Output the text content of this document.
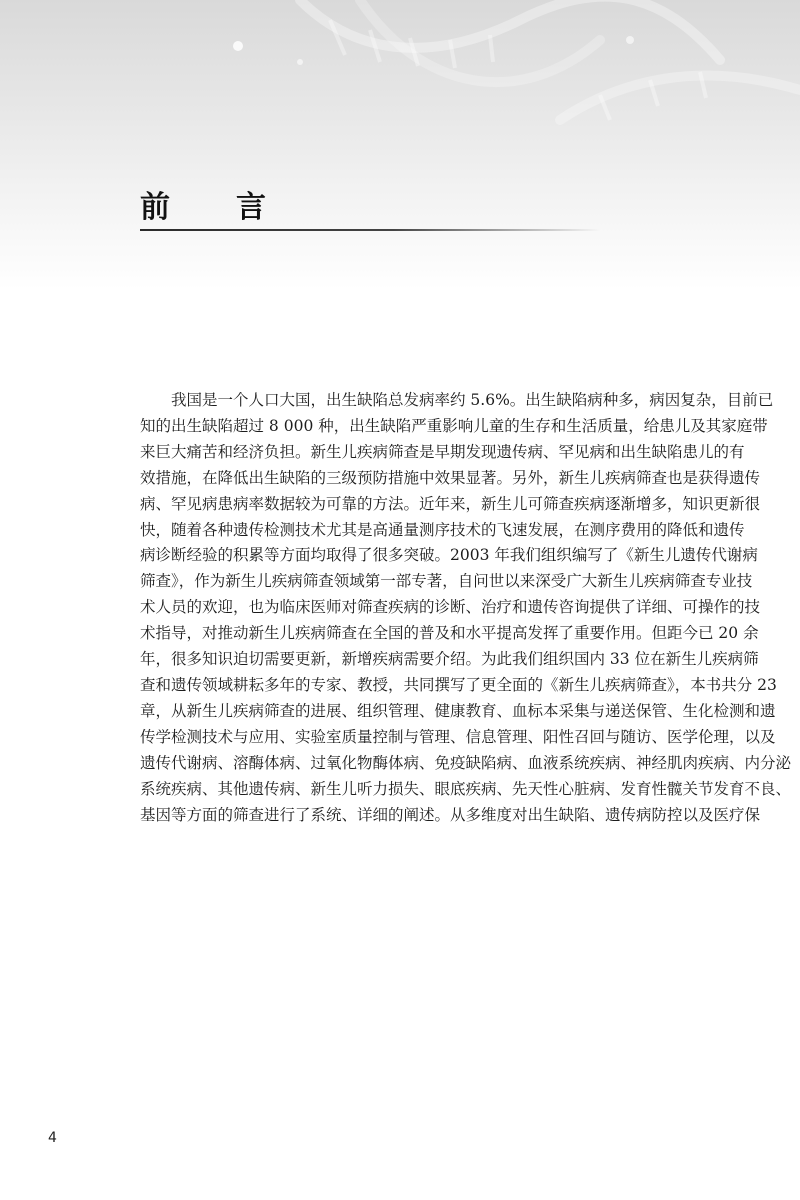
前　言
我国是一个人口大国，出生缺陷总发病率约 5.6%。出生缺陷病种多，病因复杂，目前已
知的出生缺陷超过 8 000 种，出生缺陷严重影响儿童的生存和生活质量，给患儿及其家庭带
来巨大痛苦和经济负担。新生儿疾病筛查是早期发现遗传病、罕见病和出生缺陷患儿的有
效措施，在降低出生缺陷的三级预防措施中效果显著。另外，新生儿疾病筛查也是获得遗传
病、罕见病患病率数据较为可靠的方法。近年来，新生儿可筛查疾病逐渐增多，知识更新很
快，随着各种遗传检测技术尤其是高通量测序技术的飞速发展，在测序费用的降低和遗传
病诊断经验的积累等方面均取得了很多突破。2003 年我们组织编写了《新生儿遗传代谢病
筛查》，作为新生儿疾病筛查领域第一部专著，自问世以来深受广大新生儿疾病筛查专业技
术人员的欢迎，也为临床医师对筛查疾病的诊断、治疗和遗传咨询提供了详细、可操作的技
术指导，对推动新生儿疾病筛查在全国的普及和水平提高发挥了重要作用。但距今已 20 余
年，很多知识迫切需要更新，新增疾病需要介绍。为此我们组织国内 33 位在新生儿疾病筛
查和遗传领域耕耘多年的专家、教授，共同撰写了更全面的《新生儿疾病筛查》，本书共分 23
章，从新生儿疾病筛查的进展、组织管理、健康教育、血标本采集与递送保管、生化检测和遗
传学检测技术与应用、实验室质量控制与管理、信息管理、阳性召回与随访、医学伦理，以及
遗传代谢病、溶酶体病、过氧化物酶体病、免疫缺陷病、血液系统疾病、神经肌肉疾病、内分泌
系统疾病、其他遗传病、新生儿听力损失、眼底疾病、先天性心脏病、发育性髋关节发育不良、
基因等方面的筛查进行了系统、详细的阐述。从多维度对出生缺陷、遗传病防控以及医疗保
4
